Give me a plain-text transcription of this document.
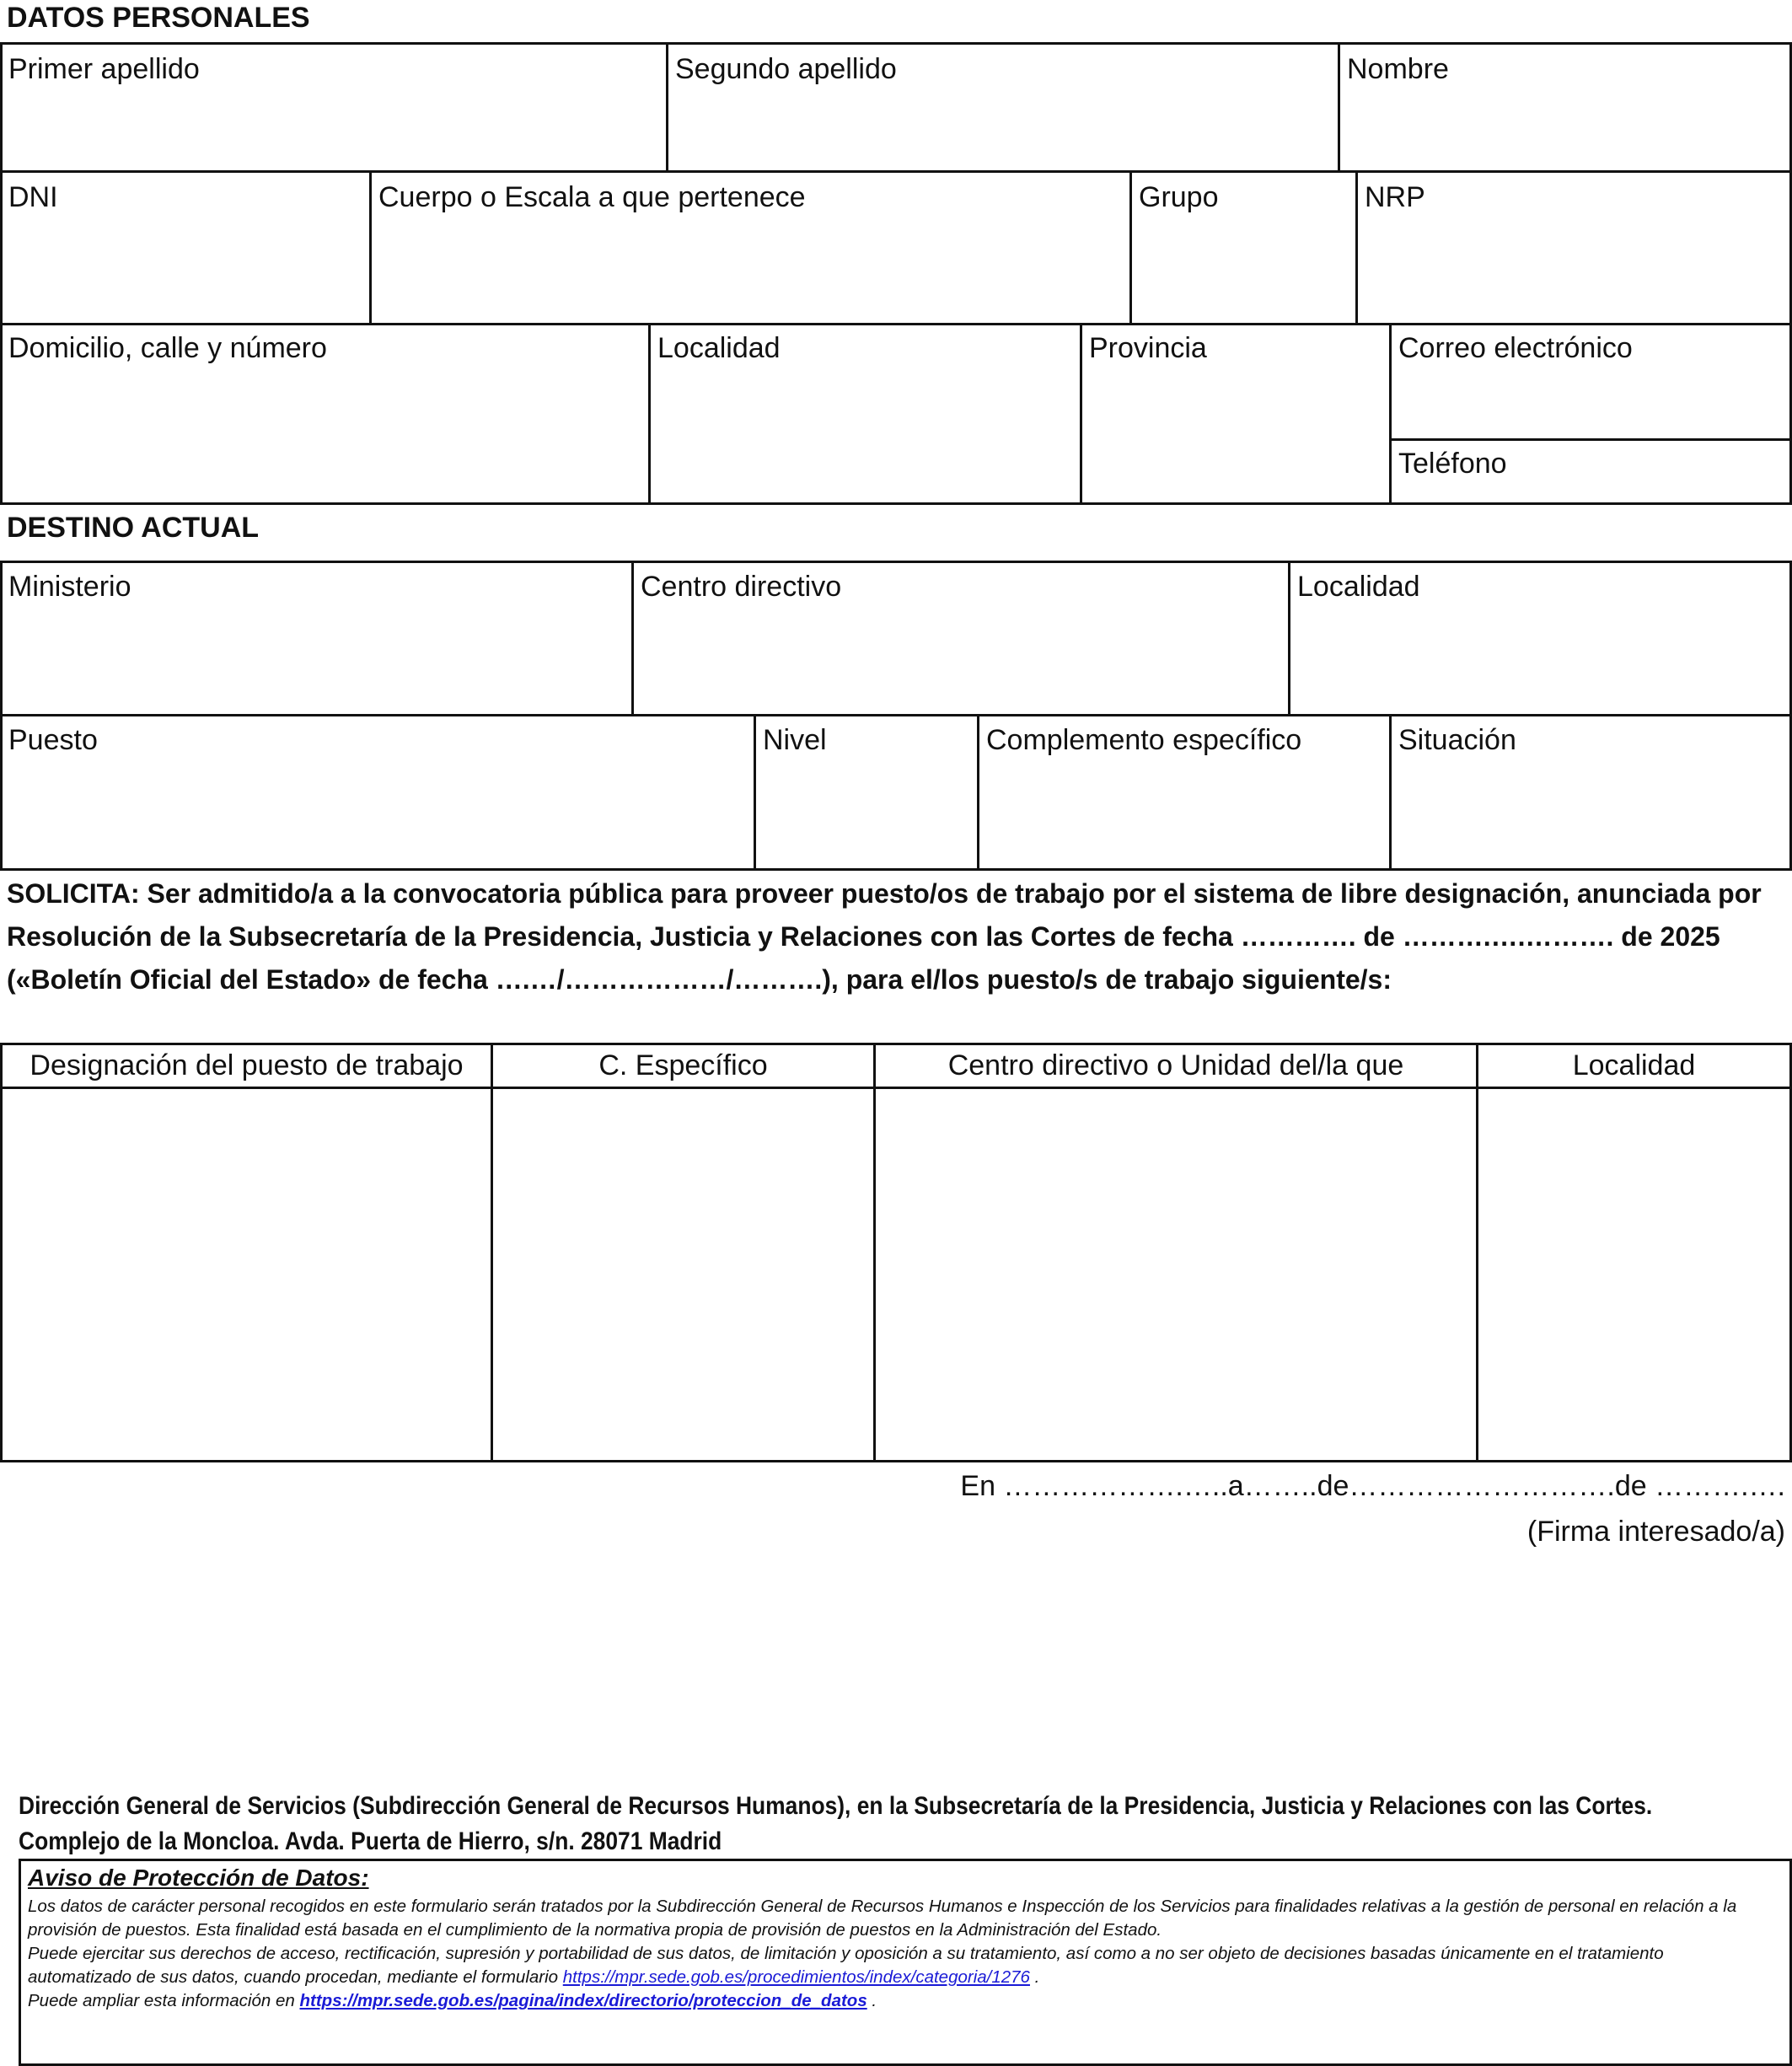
DATOS PERSONALES
Primer apellido	Segundo apellido	Nombre
DNI	Cuerpo o Escala a que pertenece	Grupo	NRP
Domicilio, calle y número	Localidad	Provincia	Correo electrónico
Teléfono
DESTINO ACTUAL
Ministerio	Centro directivo	Localidad
Puesto	Nivel	Complemento específico	Situación
SOLICITA: Ser admitido/a a la convocatoria pública para proveer puesto/os de trabajo por el sistema de libre designación, anunciada por
Resolución de la Subsecretaría de la Presidencia, Justicia y Relaciones con las Cortes de fecha …………. de ……….….………. de 2025
(«Boletín Oficial del Estado» de fecha ….…/………………/……….), para el/los puesto/s de trabajo siguiente/s:
Designación del puesto de trabajo	C. Específico	Centro directivo o Unidad del/la que	Localidad
En ……………….…..a……..de……………………….de ……….….
(Firma interesado/a)
Dirección General de Servicios (Subdirección General de Recursos Humanos), en la Subsecretaría de la Presidencia, Justicia y Relaciones con las Cortes.
Complejo de la Moncloa. Avda. Puerta de Hierro, s/n. 28071 Madrid
Aviso de Protección de Datos:
Los datos de carácter personal recogidos en este formulario serán tratados por la Subdirección General de Recursos Humanos e Inspección de los Servicios para finalidades relativas a la gestión de personal en relación a la
provisión de puestos. Esta finalidad está basada en el cumplimiento de la normativa propia de provisión de puestos en la Administración del Estado.
Puede ejercitar sus derechos de acceso, rectificación, supresión y portabilidad de sus datos, de limitación y oposición a su tratamiento, así como a no ser objeto de decisiones basadas únicamente en el tratamiento
automatizado de sus datos, cuando procedan, mediante el formulario https://mpr.sede.gob.es/procedimientos/index/categoria/1276 .
Puede ampliar esta información en https://mpr.sede.gob.es/pagina/index/directorio/proteccion_de_datos .
